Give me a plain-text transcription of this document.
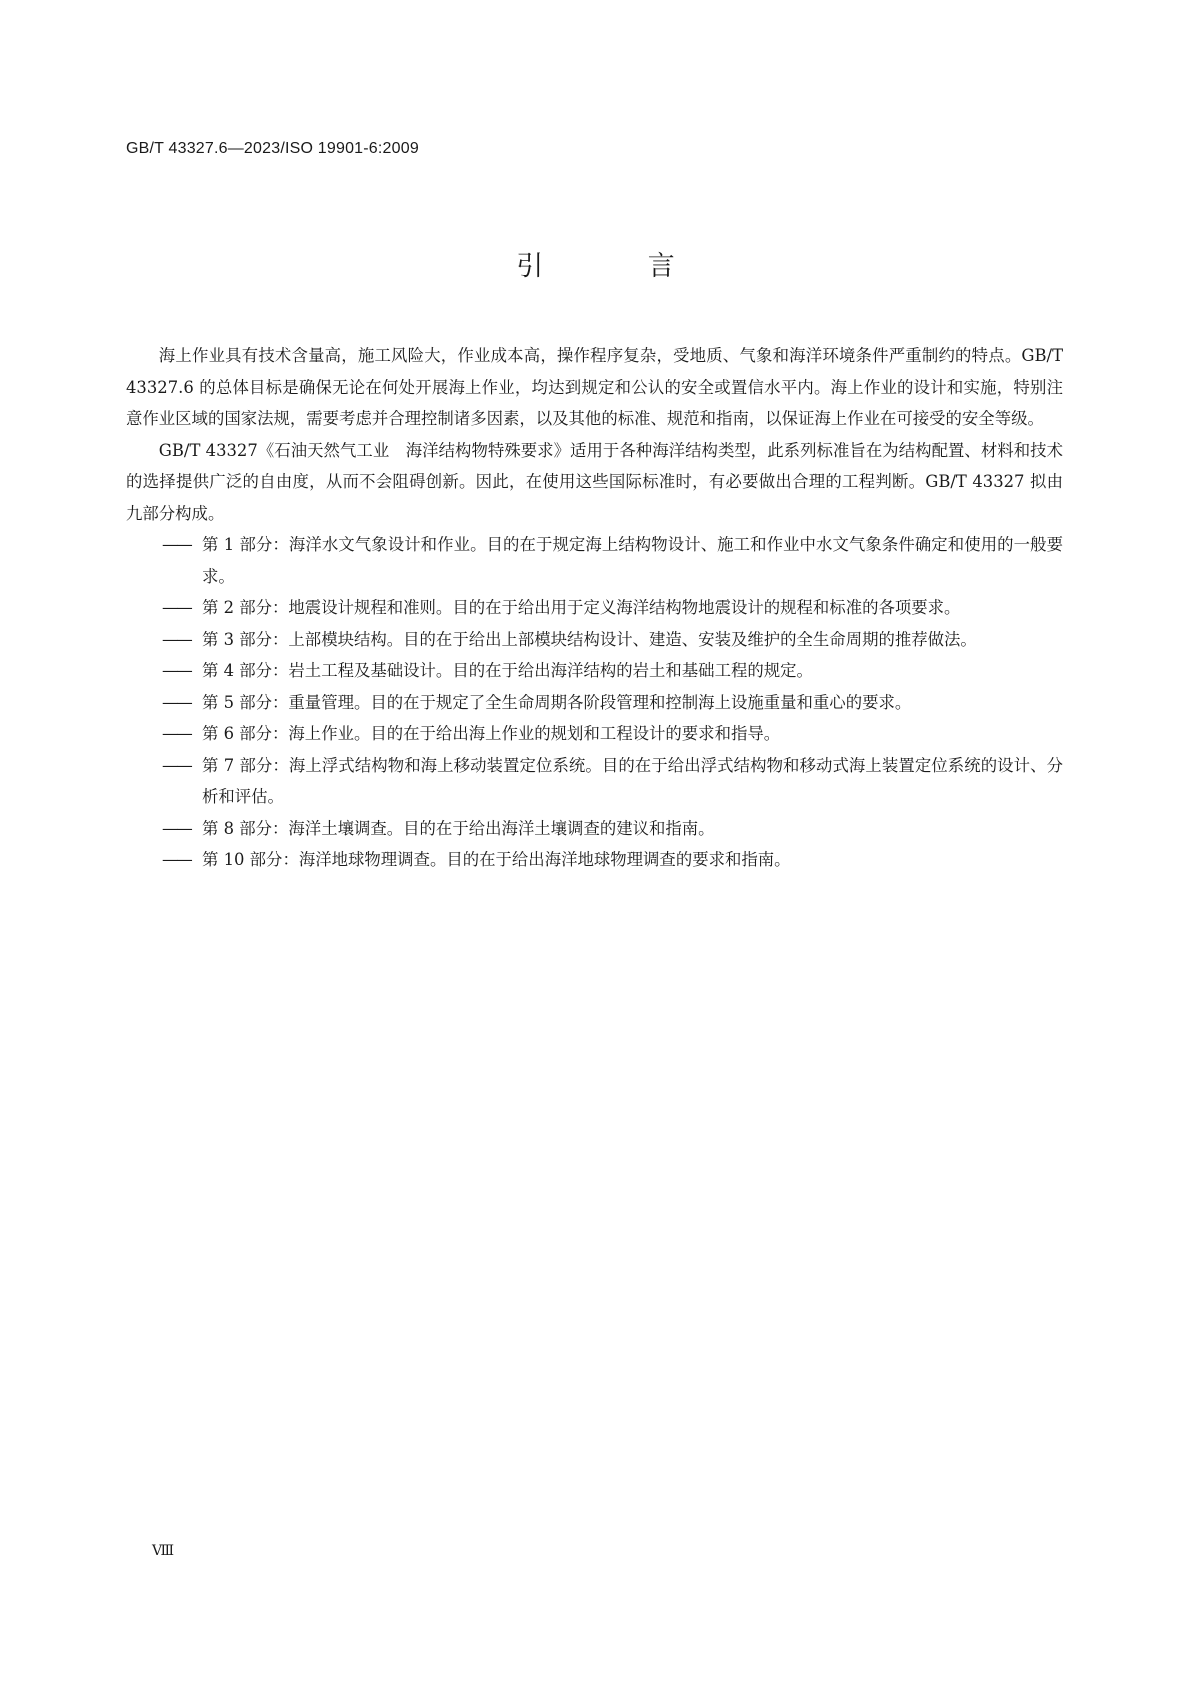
GB/T 43327.6—2023/ISO 19901-6:2009
引 言

海上作业具有技术含量高，施工风险大，作业成本高，操作程序复杂，受地质、气象和海洋环境条件严重制约的特点。GB/T 43327.6 的总体目标是确保无论在何处开展海上作业，均达到规定和公认的安全或置信水平内。海上作业的设计和实施，特别注意作业区域的国家法规，需要考虑并合理控制诸多因素，以及其他的标准、规范和指南，以保证海上作业在可接受的安全等级。

GB/T 43327《石油天然气工业　海洋结构物特殊要求》适用于各种海洋结构类型，此系列标准旨在为结构配置、材料和技术的选择提供广泛的自由度，从而不会阻碍创新。因此，在使用这些国际标准时，有必要做出合理的工程判断。GB/T 43327 拟由九部分构成。

—— 第 1 部分：海洋水文气象设计和作业。目的在于规定海上结构物设计、施工和作业中水文气象条件确定和使用的一般要求。
—— 第 2 部分：地震设计规程和准则。目的在于给出用于定义海洋结构物地震设计的规程和标准的各项要求。
—— 第 3 部分：上部模块结构。目的在于给出上部模块结构设计、建造、安装及维护的全生命周期的推荐做法。
—— 第 4 部分：岩土工程及基础设计。目的在于给出海洋结构的岩土和基础工程的规定。
—— 第 5 部分：重量管理。目的在于规定了全生命周期各阶段管理和控制海上设施重量和重心的要求。
—— 第 6 部分：海上作业。目的在于给出海上作业的规划和工程设计的要求和指导。
—— 第 7 部分：海上浮式结构物和海上移动装置定位系统。目的在于给出浮式结构物和移动式海上装置定位系统的设计、分析和评估。
—— 第 8 部分：海洋土壤调查。目的在于给出海洋土壤调查的建议和指南。
—— 第 10 部分：海洋地球物理调查。目的在于给出海洋地球物理调查的要求和指南。
Ⅷ
